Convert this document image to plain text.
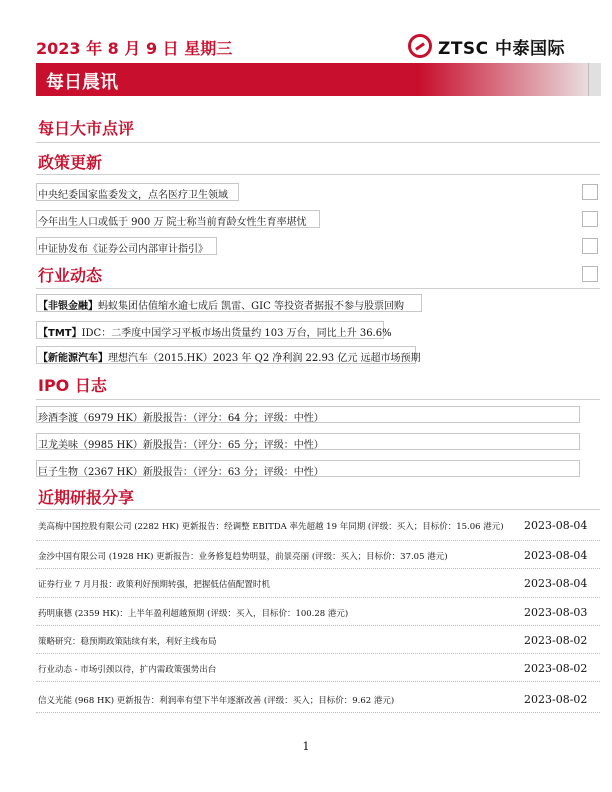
2023 年 8 月 9 日 星期三	ZTSC 中泰国际
每日晨讯
每日大市点评
政策更新
中央纪委国家监委发文，点名医疗卫生领域
今年出生人口或低于 900 万 院士称当前育龄女性生育率堪忧
中证协发布《证券公司内部审计指引》
行业动态
【非银金融】蚂蚁集团估值缩水逾七成后 凯雷、GIC 等投资者据报不参与股票回购
【TMT】IDC：二季度中国学习平板市场出货量约 103 万台，同比上升 36.6%
【新能源汽车】理想汽车（2015.HK）2023 年 Q2 净利润 22.93 亿元 远超市场预期
IPO 日志
珍酒李渡（6979 HK）新股报告：（评分：64 分；评级：中性）
卫龙美味（9985 HK）新股报告：（评分：65 分；评级：中性）
巨子生物（2367 HK）新股报告：（评分：63 分；评级：中性）
近期研报分享
美高梅中国控股有限公司 (2282 HK) 更新报告：经调整 EBITDA 率先超越 19 年同期 (评级：买入；目标价：15.06 港元) 2023-08-04
金沙中国有限公司 (1928 HK) 更新报告：业务修复趋势明显，前景亮丽 (评级：买入；目标价：37.05 港元)	2023-08-04
证券行业 7 月月报：政策利好预期转强，把握低估值配置时机	2023-08-04
药明康德 (2359 HK)：上半年盈利超越预期 (评级：买入，目标价：100.28 港元)	2023-08-03
策略研究：稳预期政策陆续有来，利好主线布局	2023-08-02
行业动态 - 市场引颈以待，扩内需政策强势出台	2023-08-02
信义光能 (968 HK) 更新报告：利润率有望下半年逐渐改善 (评级：买入；目标价：9.62 港元)	2023-08-02
1
